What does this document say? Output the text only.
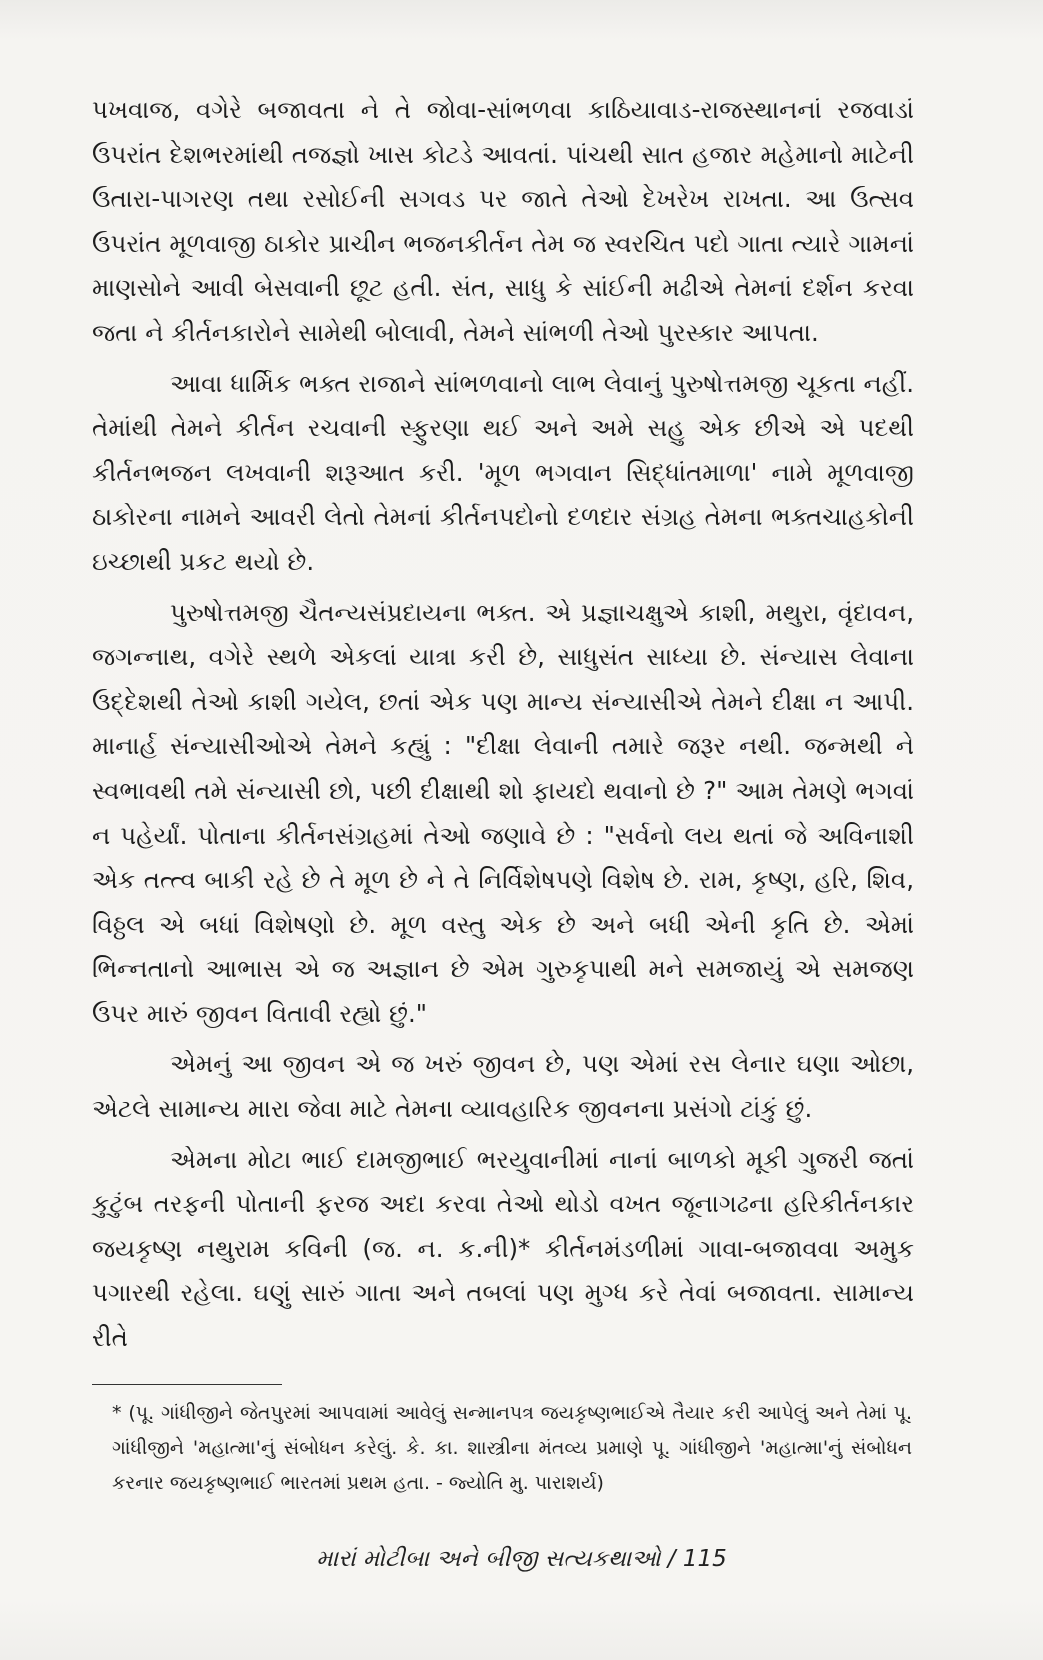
પખવાજ, વગેરે બજાવતા ને તે જોવા-સાંભળવા કાઠિયાવાડ-રાજસ્થાનનાં રજવાડાં ઉપરાંત દેશભરમાંથી તજજ્ઞો ખાસ કોટડે આવતાં. પાંચથી સાત હજાર મહેમાનો માટેની ઉતારા-પાગરણ તથા રસોઈની સગવડ પર જાતે તેઓ દેખરેખ રાખતા. આ ઉત્સવ ઉપરાંત મૂળવાજી ઠાકોર પ્રાચીન ભજનકીર્તન તેમ જ સ્વરચિત પદો ગાતા ત્યારે ગામનાં માણસોને આવી બેસવાની છૂટ હતી. સંત, સાધુ કે સાંઈની મઢીએ તેમનાં દર્શન કરવા જતા ને કીર્તનકારોને સામેથી બોલાવી, તેમને સાંભળી તેઓ પુરસ્કાર આપતા.

આવા ધાર્મિક ભક્ત રાજાને સાંભળવાનો લાભ લેવાનું પુરુષોત્તમજી ચૂકતા નહીં. તેમાંથી તેમને કીર્તન રચવાની સ્ફુરણા થઈ અને અમે સહુ એક છીએ એ પદથી કીર્તનભજન લખવાની શરૂઆત કરી. 'મૂળ ભગવાન સિદ્ધાંતમાળા' નામે મૂળવાજી ઠાકોરના નામને આવરી લેતો તેમનાં કીર્તનપદોનો દળદાર સંગ્રહ તેમના ભક્તચાહકોની ઇચ્છાથી પ્રકટ થયો છે.

પુરુષોત્તમજી ચૈતન્યસંપ્રદાયના ભક્ત. એ પ્રજ્ઞાચક્ષુએ કાશી, મથુરા, વૃંદાવન, જગન્નાથ, વગેરે સ્થળે એકલાં યાત્રા કરી છે, સાધુસંત સાધ્યા છે. સંન્યાસ લેવાના ઉદ્દેશથી તેઓ કાશી ગયેલ, છતાં એક પણ માન્ય સંન્યાસીએ તેમને દીક્ષા ન આપી. માનાર્હ સંન્યાસીઓએ તેમને કહ્યું : "દીક્ષા લેવાની તમારે જરૂર નથી. જન્મથી ને સ્વભાવથી તમે સંન્યાસી છો, પછી દીક્ષાથી શો ફાયદો થવાનો છે ?" આમ તેમણે ભગવાં ન પહેર્યાં. પોતાના કીર્તનસંગ્રહમાં તેઓ જણાવે છે : "સર્વનો લય થતાં જે અવિનાશી એક તત્ત્વ બાકી રહે છે તે મૂળ છે ને તે નિર્વિશેષપણે વિશેષ છે. રામ, કૃષ્ણ, હરિ, શિવ, વિઠ્ઠલ એ બધાં વિશેષણો છે. મૂળ વસ્તુ એક છે અને બધી એની કૃતિ છે. એમાં ભિન્નતાનો આભાસ એ જ અજ્ઞાન છે એમ ગુરુકૃપાથી મને સમજાયું એ સમજણ ઉપર મારું જીવન વિતાવી રહ્યો છું."

એમનું આ જીવન એ જ ખરું જીવન છે, પણ એમાં રસ લેનાર ઘણા ઓછા, એટલે સામાન્ય મારા જેવા માટે તેમના વ્યાવહારિક જીવનના પ્રસંગો ટાંકું છું.

એમના મોટા ભાઈ દામજીભાઈ ભરયુવાનીમાં નાનાં બાળકો મૂકી ગુજરી જતાં કુટુંબ તરફની પોતાની ફરજ અદા કરવા તેઓ થોડો વખત જૂનાગઢના હરિકીર્તનકાર જયકૃષ્ણ નથુરામ કવિની (જ. ન. ક.ની)* કીર્તનમંડળીમાં ગાવા-બજાવવા અમુક પગારથી રહેલા. ઘણું સારું ગાતા અને તબલાં પણ મુગ્ધ કરે તેવાં બજાવતા. સામાન્ય રીતે

* (પૂ. ગાંધીજીને જેતપુરમાં આપવામાં આવેલું સન્માનપત્ર જયકૃષ્ણભાઈએ તૈયાર કરી આપેલું અને તેમાં પૂ. ગાંધીજીને 'મહાત્મા'નું સંબોધન કરેલું. કે. કા. શાસ્ત્રીના મંતવ્ય પ્રમાણે પૂ. ગાંધીજીને 'મહાત્મા'નું સંબોધન કરનાર જયકૃષ્ણભાઈ ભારતમાં પ્રથમ હતા. - જ્યોતિ મુ. પારાશર્ય)

મારાં મોટીબા અને બીજી સત્યકથાઓ / 115
